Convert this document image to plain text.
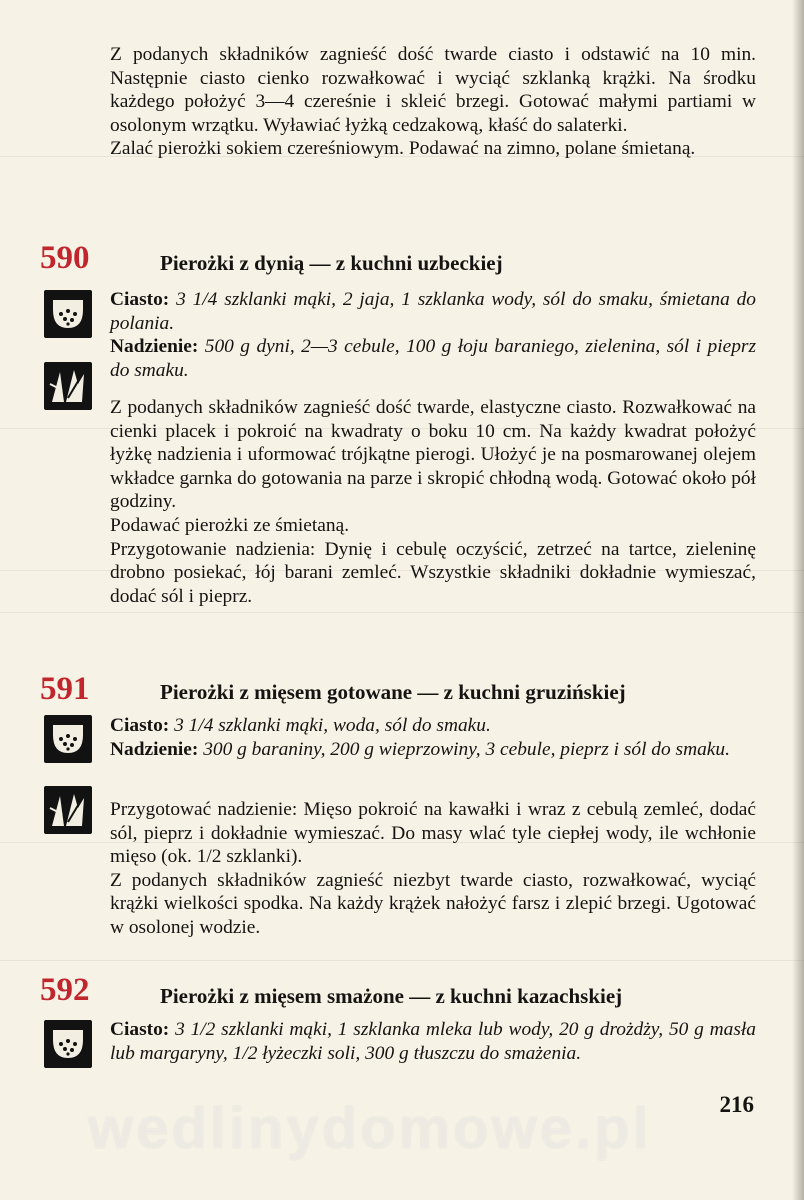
Z podanych składników zagnieść dość twarde ciasto i odstawić na 10 min. Następnie ciasto cienko rozwałkować i wyciąć szklanką krążki. Na środku każdego położyć 3—4 czereśnie i skleić brzegi. Gotować małymi partiami w osolonym wrzątku. Wyławiać łyżką cedzakową, kłaść do salaterki.

Zalać pierożki sokiem czereśniowym. Podawać na zimno, polane śmietaną.

590	Pierożki z dynią — z kuchni uzbeckiej

Ciasto: 3 1/4 szklanki mąki, 2 jaja, 1 szklanka wody, sól do smaku, śmietana do polania.

Nadzienie: 500 g dyni, 2—3 cebule, 100 g łoju baraniego, zielenina, sól i pieprz do smaku.

Z podanych składników zagnieść dość twarde, elastyczne ciasto. Rozwałkować na cienki placek i pokroić na kwadraty o boku 10 cm. Na każdy kwadrat położyć łyżkę nadzienia i uformować trójkątne pierogi. Ułożyć je na posmarowanej olejem wkładce garnka do gotowania na parze i skropić chłodną wodą. Gotować około pół godziny.

Podawać pierożki ze śmietaną.

Przygotowanie nadzienia: Dynię i cebulę oczyścić, zetrzeć na tartce, zieleninę drobno posiekać, łój barani zemleć. Wszystkie składniki dokładnie wymieszać, dodać sól i pieprz.

591	Pierożki z mięsem gotowane — z kuchni gruzińskiej

Ciasto: 3 1/4 szklanki mąki, woda, sól do smaku.

Nadzienie: 300 g baraniny, 200 g wieprzowiny, 3 cebule, pieprz i sól do smaku.

Przygotować nadzienie: Mięso pokroić na kawałki i wraz z cebulą zemleć, dodać sól, pieprz i dokładnie wymieszać. Do masy wlać tyle ciepłej wody, ile wchłonie mięso (ok. 1/2 szklanki).

Z podanych składników zagnieść niezbyt twarde ciasto, rozwałkować, wyciąć krążki wielkości spodka. Na każdy krążek nałożyć farsz i zlepić brzegi. Ugotować w osolonej wodzie.

592	Pierożki z mięsem smażone — z kuchni kazachskiej

Ciasto: 3 1/2 szklanki mąki, 1 szklanka mleka lub wody, 20 g drożdży, 50 g masła lub margaryny, 1/2 łyżeczki soli, 300 g tłuszczu do smażenia.

216
wedlinydomowe.pl
